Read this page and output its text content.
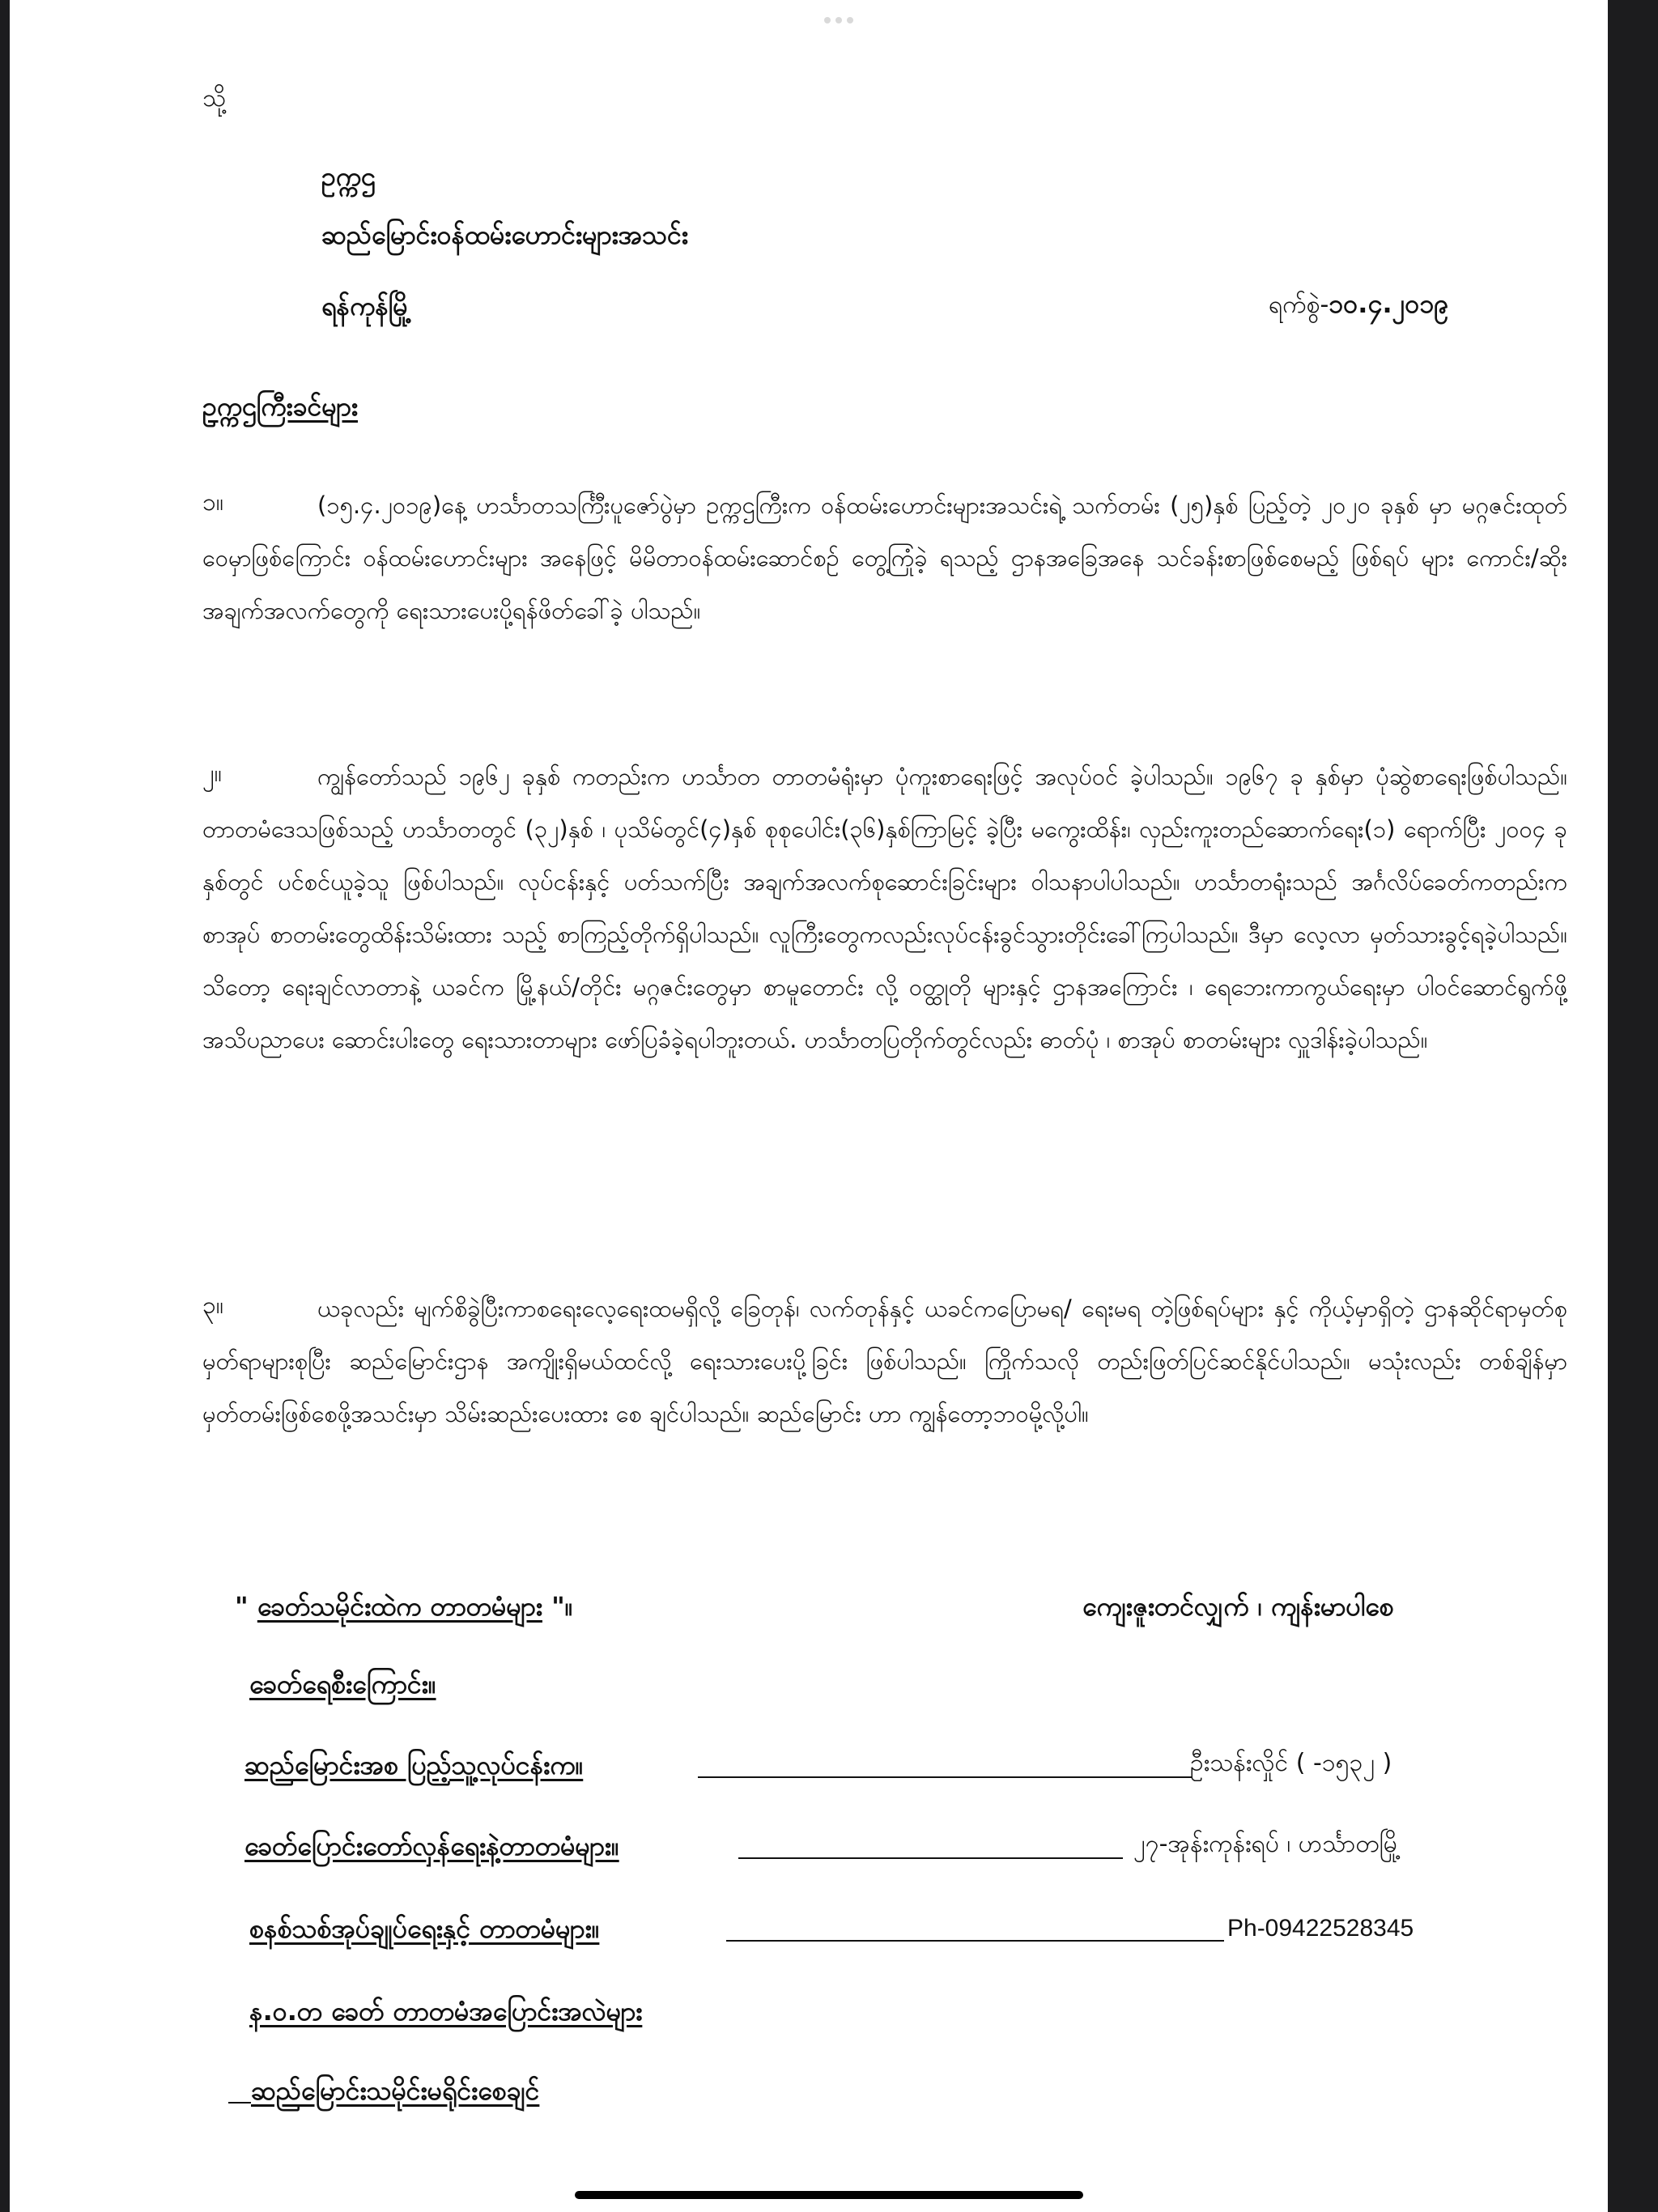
သို့
ဥက္ကဌ
ဆည်မြောင်းဝန်ထမ်းဟောင်းများအသင်း
ရန်ကုန်မြို့	ရက်စွဲ-၁၀.၄.၂၀၁၉
ဥက္ကဌကြီးခင်များ
၁။	(၁၅.၄.၂၀၁၉)နေ့ ဟင်္သာတသင်္ကြီးပူဇော်ပွဲမှာ ဥက္ကဌကြီးက ဝန်ထမ်းဟောင်းများအသင်းရဲ့ သက်တမ်း (၂၅)နှစ် ပြည့်တဲ့ ၂၀၂၀ ခုနှစ် မှာ မဂ္ဂဇင်းထုတ်ဝေမှာဖြစ်ကြောင်း ဝန်ထမ်းဟောင်းများ အနေဖြင့် မိမိတာဝန်ထမ်းဆောင်စဉ် တွေ့ကြုံခဲ့ ရသည့် ဌာနအခြေအနေ သင်ခန်းစာဖြစ်စေမည့် ဖြစ်ရပ် များ ကောင်း/ဆိုးအချက်အလက်တွေကို ရေးသားပေးပို့ရန်ဖိတ်ခေါ်ခဲ့ ပါသည်။

၂။	ကျွန်တော်သည် ၁၉၆၂ ခုနှစ် ကတည်းက ဟင်္သာတ တာတမံရုံးမှာ ပုံကူးစာရေးဖြင့် အလုပ်ဝင် ခဲ့ပါသည်။ ၁၉၆၇ ခု နှစ်မှာ ပုံဆွဲစာရေးဖြစ်ပါသည်။ တာတမံဒေသဖြစ်သည့် ဟင်္သာတတွင် (၃၂)နှစ် ၊ ပုသိမ်တွင်(၄)နှစ် စုစုပေါင်း(၃၆)နှစ်ကြာမြင့် ခဲ့ပြီး မကွေးထိန်း၊ လှည်းကူးတည်ဆောက်ရေး(၁) ရောက်ပြီး ၂၀၀၄ ခုနှစ်တွင် ပင်စင်ယူခဲ့သူ ဖြစ်ပါသည်။ လုပ်ငန်းနှင့် ပတ်သက်ပြီး အချက်အလက်စုဆောင်းခြင်းများ ဝါသနာပါပါသည်။ ဟင်္သာတရုံးသည် အင်္ဂလိပ်ခေတ်ကတည်းက စာအုပ် စာတမ်းတွေထိန်းသိမ်းထား သည့် စာကြည့်တိုက်ရှိပါသည်။ လူကြီးတွေကလည်းလုပ်ငန်းခွင်သွားတိုင်းခေါ်ကြပါသည်။ ဒီမှာ လေ့လာ မှတ်သားခွင့်ရခဲ့ပါသည်။ သိတော့ ရေးချင်လာတာနဲ့ ယခင်က မြို့နယ်/တိုင်း မဂ္ဂဇင်းတွေမှာ စာမူတောင်း လို့ ဝတ္ထုတို များနှင့် ဌာနအကြောင်း ၊ ရေဘေးကာကွယ်ရေးမှာ ပါဝင်ဆောင်ရွက်ဖို့ အသိပညာပေး ဆောင်းပါးတွေ ရေးသားတာများ ဖော်ပြခံခဲ့ရပါဘူးတယ်. ဟင်္သာတပြတိုက်တွင်လည်း ဓာတ်ပုံ ၊ စာအုပ် စာတမ်းများ လှူဒါန်းခဲ့ပါသည်။

၃။	ယခုလည်း မျက်စိခွဲပြီးကာစရေးလေ့ရေးထမရှိလို့ ခြေတုန်၊ လက်တုန်နှင့် ယခင်ကပြောမရ/ ရေးမရ တဲ့ဖြစ်ရပ်များ နှင့် ကိုယ့်မှာရှိတဲ့ ဌာနဆိုင်ရာမှတ်စုမှတ်ရာများစုပြီး ဆည်မြောင်းဌာန အကျိုးရှိမယ်ထင်လို့ ရေးသားပေးပို့ခြင်း ဖြစ်ပါသည်။ ကြိုက်သလို တည်းဖြတ်ပြင်ဆင်နိုင်ပါသည်။ မသုံးလည်း တစ်ချိန်မှာ မှတ်တမ်းဖြစ်စေဖို့အသင်းမှာ သိမ်းဆည်းပေးထား စေ ချင်ပါသည်။ ဆည်မြောင်း ဟာ ကျွန်တော့ဘဝမို့လို့ပါ။

" ခေတ်သမိုင်းထဲက တာတမံများ "။	ကျေးဇူးတင်လျှက် ၊ ကျန်းမာပါစေ
ခေတ်ရေစီးကြောင်း။
ဆည်မြောင်းအစ ပြည့်သူ့လုပ်ငန်းက။	ဦးသန်းလှိုင် ( -၁၅၃၂ )
ခေတ်ပြောင်းတော်လှန်ရေးနဲ့တာတမံများ။	၂၇-အုန်းကုန်းရပ် ၊ ဟင်္သာတမြို့
စနစ်သစ်အုပ်ချုပ်ရေးနှင့် တာတမံများ။	Ph-09422528345
န.ဝ.တ ခေတ် တာတမံအပြောင်းအလဲများ
ဆည်မြောင်းသမိုင်းမရိုင်းစေချင်
